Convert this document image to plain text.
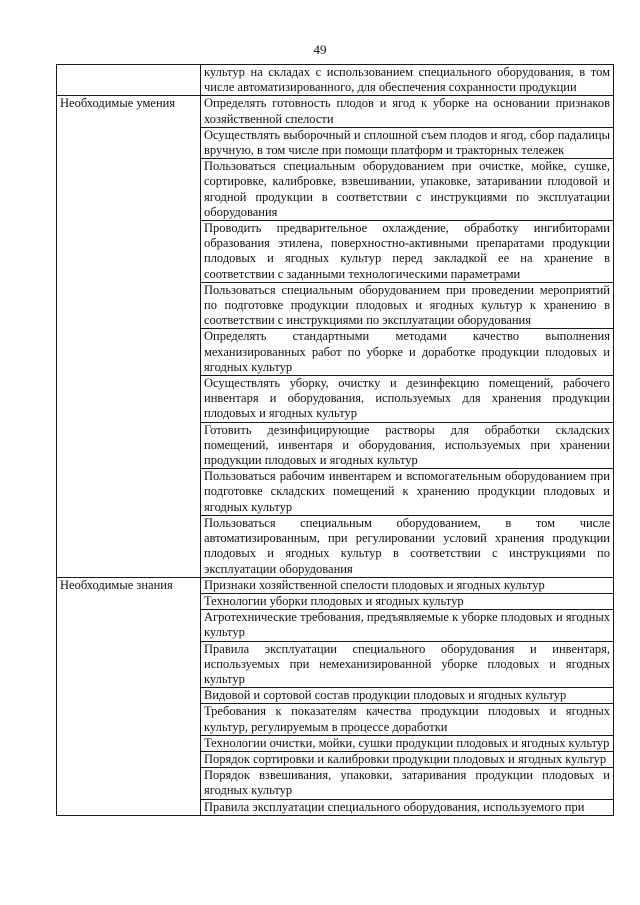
49

	культур на складах с использованием специального оборудования, в том числе автоматизированного, для обеспечения сохранности продукции

Необходимые умения	Определять готовность плодов и ягод к уборке на основании признаков хозяйственной спелости

	Осуществлять выборочный и сплошной съем плодов и ягод, сбор падалицы вручную, в том числе при помощи платформ и тракторных тележек

	Пользоваться специальным оборудованием при очистке, мойке, сушке, сортировке, калибровке, взвешивании, упаковке, затаривании плодовой и ягодной продукции в соответствии с инструкциями по эксплуатации оборудования

	Проводить предварительное охлаждение, обработку ингибиторами образования этилена, поверхностно-активными препаратами продукции плодовых и ягодных культур перед закладкой ее на хранение в соответствии с заданными технологическими параметрами

	Пользоваться специальным оборудованием при проведении мероприятий по подготовке продукции плодовых и ягодных культур к хранению в соответствии с инструкциями по эксплуатации оборудования

	Определять стандартными методами качество выполнения механизированных работ по уборке и доработке продукции плодовых и ягодных культур

	Осуществлять уборку, очистку и дезинфекцию помещений, рабочего инвентаря и оборудования, используемых для хранения продукции плодовых и ягодных культур

	Готовить дезинфицирующие растворы для обработки складских помещений, инвентаря и оборудования, используемых при хранении продукции плодовых и ягодных культур

	Пользоваться рабочим инвентарем и вспомогательным оборудованием при подготовке складских помещений к хранению продукции плодовых и ягодных культур

	Пользоваться специальным оборудованием, в том числе автоматизированным, при регулировании условий хранения продукции плодовых и ягодных культур в соответствии с инструкциями по эксплуатации оборудования

Необходимые знания	Признаки хозяйственной спелости плодовых и ягодных культур

	Технологии уборки плодовых и ягодных культур

	Агротехнические требования, предъявляемые к уборке плодовых и ягодных культур

	Правила эксплуатации специального оборудования и инвентаря, используемых при немеханизированной уборке плодовых и ягодных культур

	Видовой и сортовой состав продукции плодовых и ягодных культур

	Требования к показателям качества продукции плодовых и ягодных культур, регулируемым в процессе доработки

	Технологии очистки, мойки, сушки продукции плодовых и ягодных культур

	Порядок сортировки и калибровки продукции плодовых и ягодных культур

	Порядок взвешивания, упаковки, затаривания продукции плодовых и ягодных культур

	Правила эксплуатации специального оборудования, используемого при
